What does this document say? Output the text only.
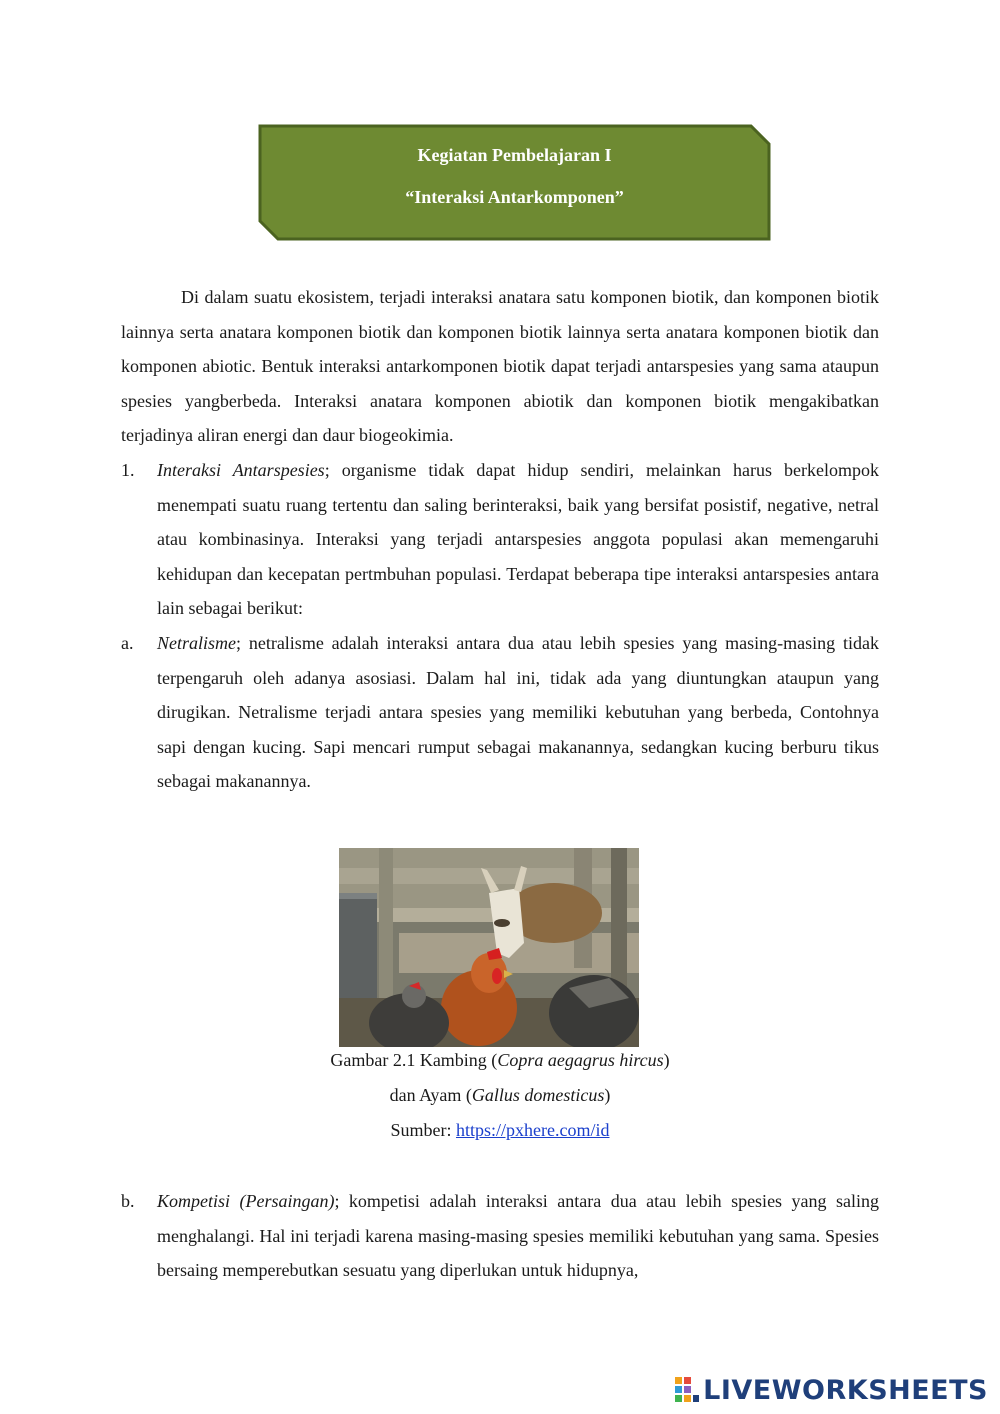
Kegiatan Pembelajaran I
“Interaksi Antarkomponen”

Di dalam suatu ekosistem, terjadi interaksi anatara satu komponen biotik, dan komponen biotik lainnya serta anatara komponen biotik dan komponen biotik lainnya serta anatara komponen biotik dan komponen abiotic. Bentuk interaksi antarkomponen biotik dapat terjadi antarspesies yang sama ataupun spesies yangberbeda. Interaksi anatara komponen abiotik dan komponen biotik mengakibatkan terjadinya aliran energi dan daur biogeokimia.

1. Interaksi Antarspesies; organisme tidak dapat hidup sendiri, melainkan harus berkelompok menempati suatu ruang tertentu dan saling berinteraksi, baik yang bersifat posistif, negative, netral atau kombinasinya. Interaksi yang terjadi antarspesies anggota populasi akan memengaruhi kehidupan dan kecepatan pertmbuhan populasi. Terdapat beberapa tipe interaksi antarspesies antara lain sebagai berikut:

a. Netralisme; netralisme adalah interaksi antara dua atau lebih spesies yang masing-masing tidak terpengaruh oleh adanya asosiasi. Dalam hal ini, tidak ada yang diuntungkan ataupun yang dirugikan. Netralisme terjadi antara spesies yang memiliki kebutuhan yang berbeda, Contohnya sapi dengan kucing. Sapi mencari rumput sebagai makanannya, sedangkan kucing berburu tikus sebagai makanannya.

Gambar 2.1 Kambing (Copra aegagrus hircus)
dan Ayam (Gallus domesticus)
Sumber: https://pxhere.com/id

b. Kompetisi (Persaingan); kompetisi adalah interaksi antara dua atau lebih spesies yang saling menghalangi. Hal ini terjadi karena masing-masing spesies memiliki kebutuhan yang sama. Spesies bersaing memperebutkan sesuatu yang diperlukan untuk hidupnya,

LIVEWORKSHEETS
